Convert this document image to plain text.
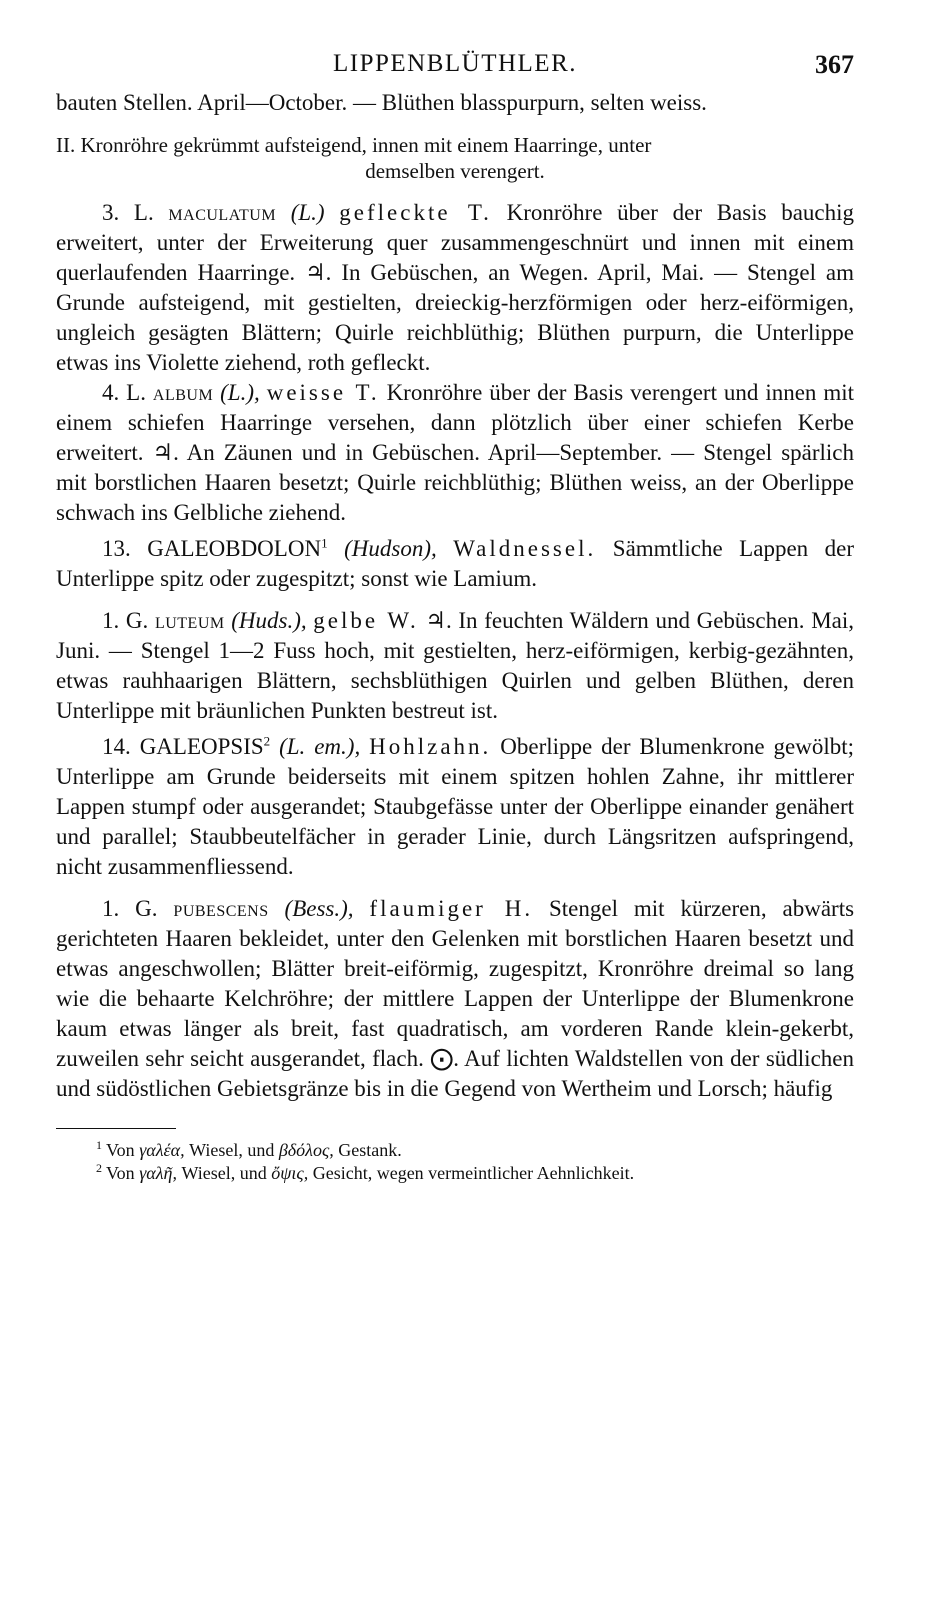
LIPPENBLÜTHLER.	367

bauten Stellen. April—October. — Blüthen blasspurpurn, selten weiss.

II. Kronröhre gekrümmt aufsteigend, innen mit einem Haarringe, unter
demselben verengert.

3. L. maculatum (L.) gefleckte T. Kronröhre über der Basis bauchig erweitert, unter der Erweiterung quer zusammengeschnürt und innen mit einem querlaufenden Haarringe. ♃. In Gebüschen, an Wegen. April, Mai. — Stengel am Grunde aufsteigend, mit gestielten, dreieckig-herzförmigen oder herz-eiförmigen, ungleich gesägten Blättern; Quirle reichblüthig; Blüthen purpurn, die Unterlippe etwas ins Violette ziehend, roth gefleckt.

4. L. album (L.), weisse T. Kronröhre über der Basis verengert und innen mit einem schiefen Haarringe versehen, dann plötzlich über einer schiefen Kerbe erweitert. ♃. An Zäunen und in Gebüschen. April—September. — Stengel spärlich mit borstlichen Haaren besetzt; Quirle reichblüthig; Blüthen weiss, an der Oberlippe schwach ins Gelbliche ziehend.

13. GALEOBDOLON$^1$ (Hudson), Waldnessel. Sämmtliche Lappen der Unterlippe spitz oder zugespitzt; sonst wie Lamium.

1. G. luteum (Huds.), gelbe W. ♃. In feuchten Wäldern und Gebüschen. Mai, Juni. — Stengel 1—2 Fuss hoch, mit gestielten, herz-eiförmigen, kerbig-gezähnten, etwas rauhhaarigen Blättern, sechsblüthigen Quirlen und gelben Blüthen, deren Unterlippe mit bräunlichen Punkten bestreut ist.

14. GALEOPSIS$^2$ (L. em.), Hohlzahn. Oberlippe der Blumenkrone gewölbt; Unterlippe am Grunde beiderseits mit einem spitzen hohlen Zahne, ihr mittlerer Lappen stumpf oder ausgerandet; Staubgefässe unter der Oberlippe einander genähert und parallel; Staubbeutelfächer in gerader Linie, durch Längsritzen aufspringend, nicht zusammenfliessend.

1. G. pubescens (Bess.), flaumiger H. Stengel mit kürzeren, abwärts gerichteten Haaren bekleidet, unter den Gelenken mit borstlichen Haaren besetzt und etwas angeschwollen; Blätter breit-eiförmig, zugespitzt, Kronröhre dreimal so lang wie die behaarte Kelchröhre; der mittlere Lappen der Unterlippe der Blumenkrone kaum etwas länger als breit, fast quadratisch, am vorderen Rande klein-gekerbt, zuweilen sehr seicht ausgerandet, flach. ⨀. Auf lichten Waldstellen von der südlichen und südöstlichen Gebietsgränze bis in die Gegend von Wertheim und Lorsch; häufig

$^1$ Von γαλέα, Wiesel, und βδόλος, Gestank.

$^2$ Von γαλῆ, Wiesel, und ὄψις, Gesicht, wegen vermeintlicher Aehnlichkeit.
